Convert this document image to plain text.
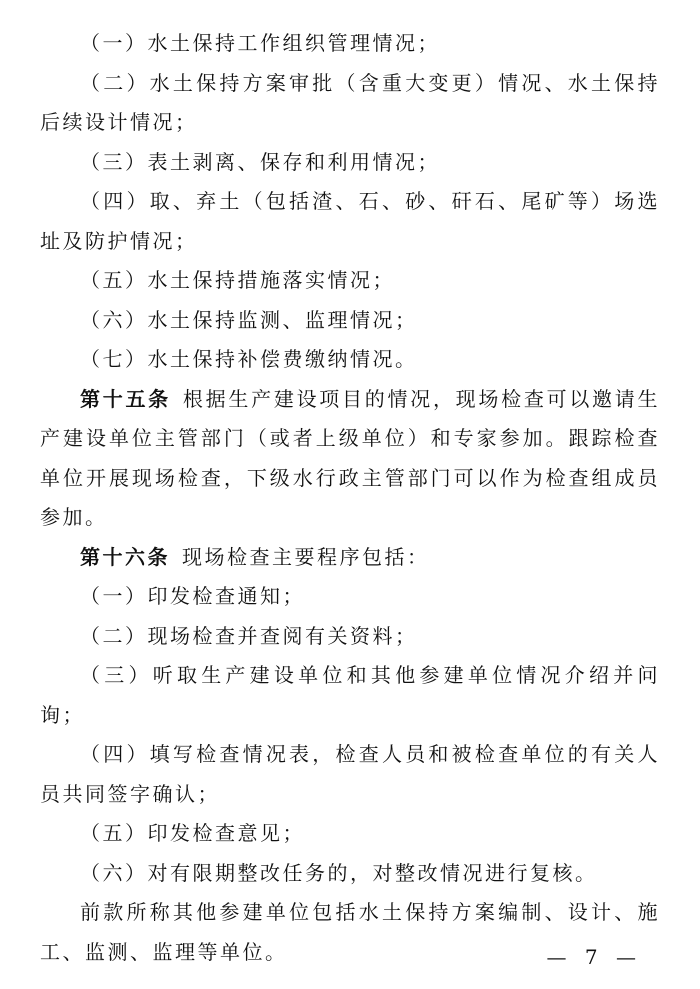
（一）水土保持工作组织管理情况；

（二）水土保持方案审批（含重大变更）情况、水土保持后续设计情况；

（三）表土剥离、保存和利用情况；

（四）取、弃土（包括渣、石、砂、矸石、尾矿等）场选址及防护情况；

（五）水土保持措施落实情况；

（六）水土保持监测、监理情况；

（七）水土保持补偿费缴纳情况。

第十五条 根据生产建设项目的情况，现场检查可以邀请生产建设单位主管部门（或者上级单位）和专家参加。跟踪检查单位开展现场检查，下级水行政主管部门可以作为检查组成员参加。

第十六条 现场检查主要程序包括：

（一）印发检查通知；

（二）现场检查并查阅有关资料；

（三）听取生产建设单位和其他参建单位情况介绍并问询；

（四）填写检查情况表，检查人员和被检查单位的有关人员共同签字确认；

（五）印发检查意见；

（六）对有限期整改任务的，对整改情况进行复核。

前款所称其他参建单位包括水土保持方案编制、设计、施工、监测、监理等单位。	— 7 —
